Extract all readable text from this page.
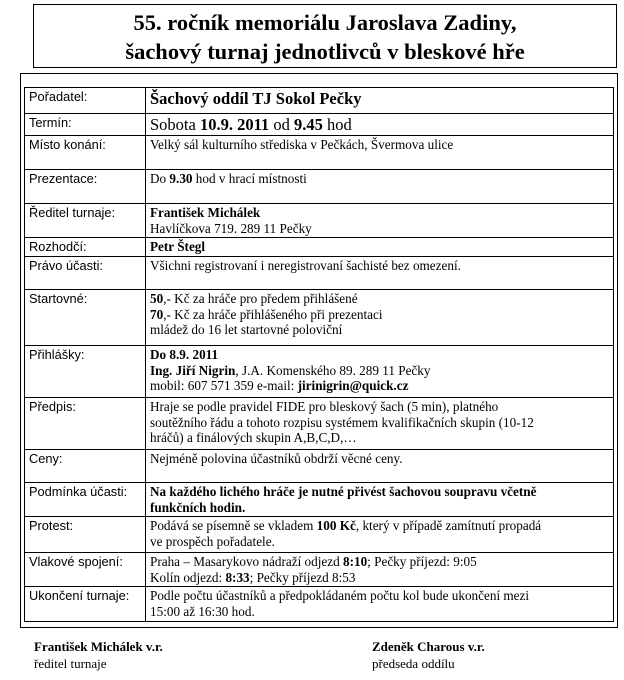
55. ročník memoriálu Jaroslava Zadiny,
šachový turnaj jednotlivců v bleskové hře
Pořadatel:	Šachový oddíl TJ Sokol Pečky
Termín:	Sobota 10.9. 2011 od 9.45 hod
Místo konání:	Velký sál kulturního střediska v Pečkách, Švermova ulice
Prezentace:	Do 9.30 hod v hrací místnosti
Ředitel turnaje:	František Michálek
Havlíčkova 719. 289 11 Pečky

Rozhodčí:	Petr Štegl
Právo účasti:	Všichni registrovaní i neregistrovaní šachisté bez omezení.
Startovné:	50,- Kč za hráče pro předem přihlášené
70,- Kč za hráče přihlášeného při prezentaci
mládež do 16 let startovné poloviční

Přihlášky:	Do 8.9. 2011
Ing. Jiří Nigrin, J.A. Komenského 89. 289 11 Pečky
mobil: 607 571 359 e-mail: jirinigrin@quick.cz

Předpis:	Hraje se podle pravidel FIDE pro bleskový šach (5 min), platného
soutěžního řádu a tohoto rozpisu systémem kvalifikačních skupin (10-12
hráčů) a finálových skupin A,B,C,D,…

Ceny:	Nejméně polovina účastníků obdrží věcné ceny.
Podmínka účasti:	Na každého lichého hráče je nutné přivést šachovou soupravu včetně
funkčních hodin.

Protest:	Podává se písemně se vkladem 100 Kč, který v případě zamítnutí propadá
ve prospěch pořadatele.

Vlakové spojení:	Praha – Masarykovo nádraží odjezd 8:10; Pečky příjezd: 9:05
Kolín odjezd: 8:33; Pečky příjezd 8:53

Ukončení turnaje:	Podle počtu účastníků a předpokládaném počtu kol bude ukončení mezi
15:00 až 16:30 hod.
František Michálek v.r.
ředitel turnaje
Zdeněk Charous v.r.
předseda oddílu
